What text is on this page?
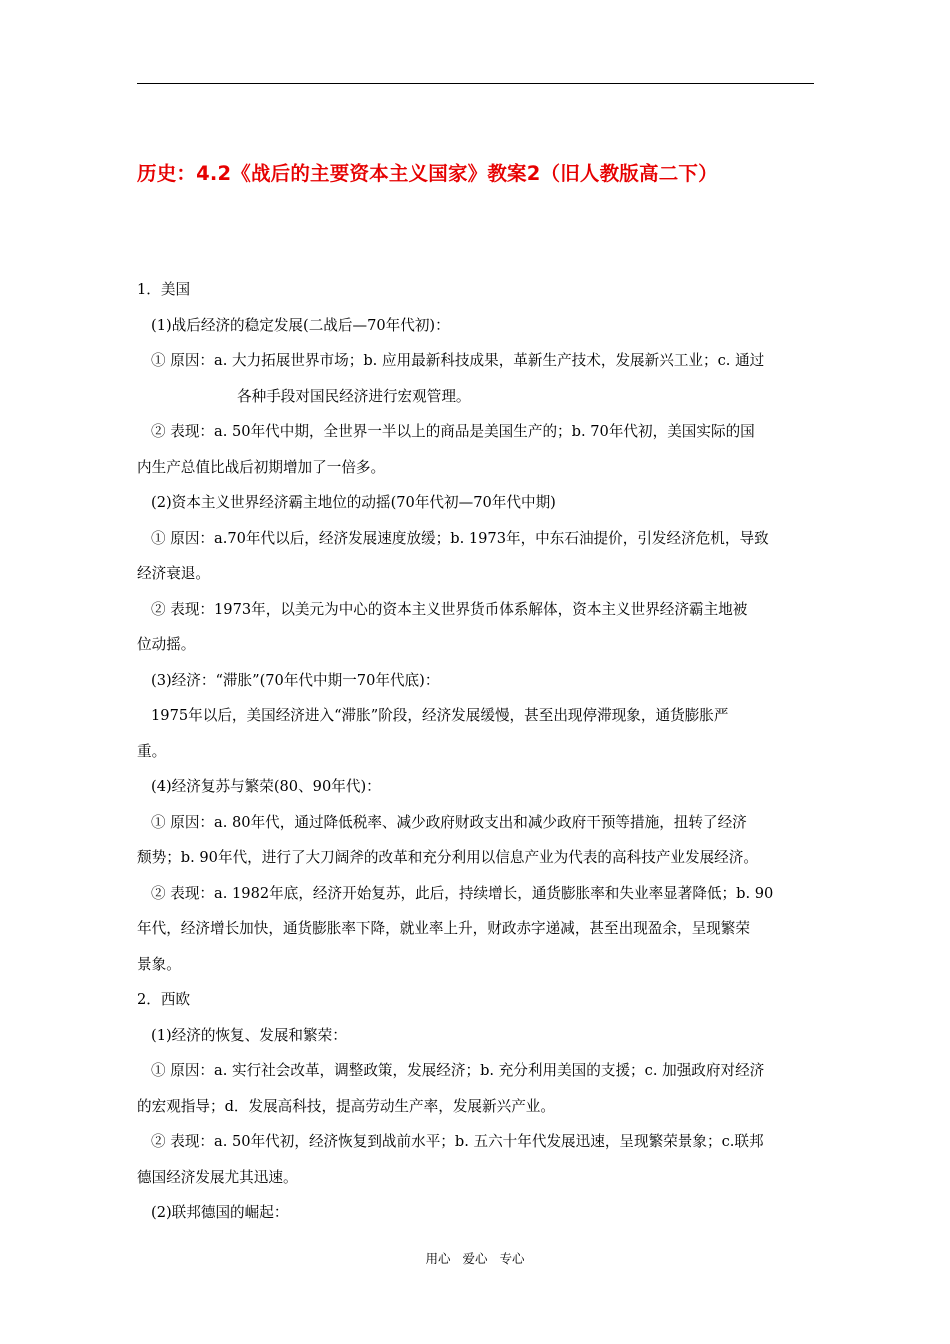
历史：4.2《战后的主要资本主义国家》教案2（旧人教版高二下）

1．美国

(1)战后经济的稳定发展(二战后—70年代初)：

① 原因：a. 大力拓展世界市场；b. 应用最新科技成果，革新生产技术，发展新兴工业；c. 通过

各种手段对国民经济进行宏观管理。

② 表现：a. 50年代中期，全世界一半以上的商品是美国生产的；b. 70年代初，美国实际的国

内生产总值比战后初期增加了一倍多。

(2)资本主义世界经济霸主地位的动摇(70年代初—70年代中期)

① 原因：a.70年代以后，经济发展速度放缓；b. 1973年，中东石油提价，引发经济危机，导致

经济衰退。

② 表现：1973年，以美元为中心的资本主义世界货币体系解体，资本主义世界经济霸主地被

位动摇。

(3)经济：“滞胀”(70年代中期一70年代底)：

1975年以后，美国经济进入“滞胀”阶段，经济发展缓慢，甚至出现停滞现象，通货膨胀严

重。

(4)经济复苏与繁荣(80、90年代)：

① 原因：a. 80年代，通过降低税率、减少政府财政支出和减少政府干预等措施，扭转了经济

颓势；b. 90年代，进行了大刀阔斧的改革和充分利用以信息产业为代表的高科技产业发展经济。

② 表现：a. 1982年底，经济开始复苏，此后，持续增长，通货膨胀率和失业率显著降低；b. 90

年代，经济增长加快，通货膨胀率下降，就业率上升，财政赤字递减，甚至出现盈余，呈现繁荣

景象。

2．西欧

(1)经济的恢复、发展和繁荣：

① 原因：a. 实行社会改革，调整政策，发展经济；b. 充分利用美国的支援；c. 加强政府对经济

的宏观指导；d．发展高科技，提高劳动生产率，发展新兴产业。

② 表现：a. 50年代初，经济恢复到战前水平；b. 五六十年代发展迅速，呈现繁荣景象；c.联邦

德国经济发展尤其迅速。

(2)联邦德国的崛起：

用心 爱心 专心
